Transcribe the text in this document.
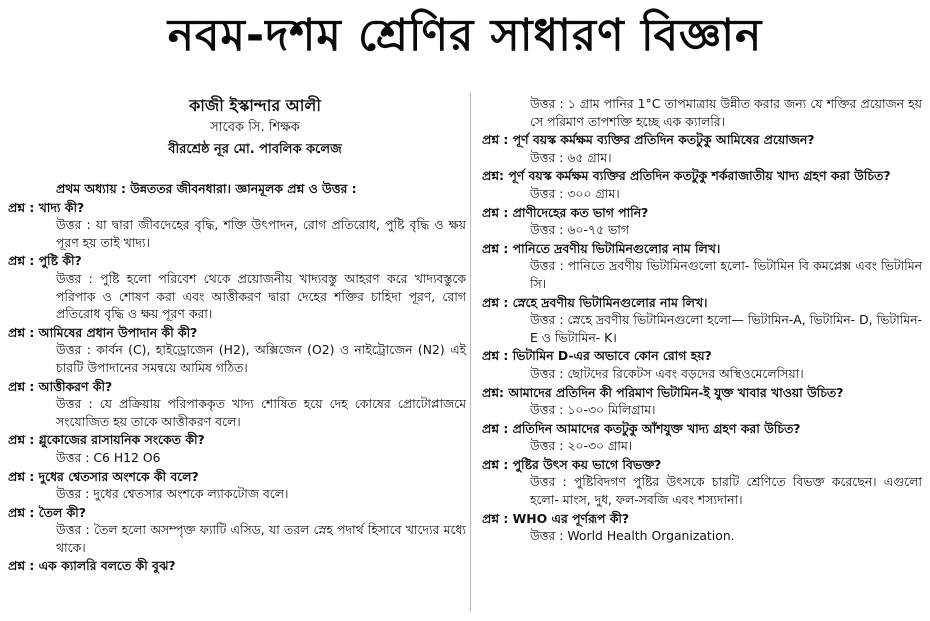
নবম-দশম শ্রেণির সাধারণ বিজ্ঞান
কাজী ইস্কান্দার আলী
সাবেক সি. শিক্ষক
বীরশ্রেষ্ঠ নূর মো. পাবলিক কলেজ
প্রথম অধ্যায় : উন্নততর জীবনধারা। জ্ঞানমূলক প্রশ্ন ও উত্তর :
প্রশ্ন : খাদ্য কী?
উত্তর : যা দ্বারা জীবদেহের বৃদ্ধি, শক্তি উৎপাদন, রোগ প্রতিরোধ, পুষ্টি বৃদ্ধি ও ক্ষয় পূরণ হয় তাই খাদ্য।
প্রশ্ন : পুষ্টি কী?
উত্তর : পুষ্টি হলো পরিবেশ থেকে প্রয়োজনীয় খাদ্যবস্তু আহরণ করে খাদ্যবস্তুকে পরিপাক ও শোষণ করা এবং আত্তীকরণ দ্বারা দেহের শক্তির চাহিদা পূরণ, রোগ প্রতিরোধ বৃদ্ধি ও ক্ষয় পূরণ করা।
প্রশ্ন : আমিষের প্রধান উপাদান কী কী?
উত্তর : কার্বন (C), হাইড্রোজেন (H2), অক্সিজেন (O2) ও নাইট্রোজেন (N2) এই চারটি উপাদানের সমন্বয়ে আমিষ গঠিত।
প্রশ্ন : আত্তীকরণ কী?
উত্তর : যে প্রক্রিয়ায় পরিপাককৃত খাদ্য শোষিত হয়ে দেহ কোষের প্রোটোপ্লাজমে সংযোজিত হয় তাকে আত্তীকরণ বলে।
প্রশ্ন : গ্লুকোজের রাসায়নিক সংকেত কী?
উত্তর : C6 H12 O6
প্রশ্ন : দুধের শ্বেতসার অংশকে কী বলে?
উত্তর : দুধের শ্বেতসার অংশকে ল্যাকটোজ বলে।
প্রশ্ন : তৈল কী?
উত্তর : তৈল হলো অসম্পৃক্ত ফ্যাটি এসিড, যা তরল স্নেহ পদার্থ হিসাবে খাদ্যের মধ্যে থাকে।
প্রশ্ন : এক ক্যালরি বলতে কী বুঝ?
উত্তর : ১ গ্রাম পানির 1°C তাপমাত্রায় উন্নীত করার জন্য যে শক্তির প্রয়োজন হয় সে পরিমাণ তাপশক্তি হচ্ছে এক ক্যালরি।
প্রশ্ন : পূর্ণ বয়স্ক কর্মক্ষম ব্যক্তির প্রতিদিন কতটুকু আমিষের প্রয়োজন?
উত্তর : ৬৫ গ্রাম।
প্রশ্ন: পূর্ণ বয়স্ক কর্মক্ষম ব্যক্তির প্রতিদিন কতটুকু শর্করাজাতীয় খাদ্য গ্রহণ করা উচিত?
উত্তর : ৩০০ গ্রাম।
প্রশ্ন : প্রাণীদেহের কত ভাগ পানি?
উত্তর : ৬০-৭৫ ভাগ
প্রশ্ন : পানিতে দ্রবণীয় ভিটামিনগুলোর নাম লিখ।
উত্তর : পানিতে দ্রবণীয় ভিটামিনগুলো হলো- ভিটামিন বি কমপ্লেক্স এবং ভিটামিন সি।
প্রশ্ন : স্নেহে দ্রবণীয় ভিটামিনগুলোর নাম লিখ।
উত্তর : স্নেহে দ্রবণীয় ভিটামিনগুলো হলো— ভিটামিন-A, ভিটামিন- D, ভিটামিন- E ও ভিটামিন- K।
প্রশ্ন : ভিটামিন D-এর অভাবে কোন রোগ হয়?
উত্তর : ছোটদের রিকেটস এবং বড়দের অস্থিওমেলেসিয়া।
প্রশ্ন: আমাদের প্রতিদিন কী পরিমাণ ভিটামিন-ই যুক্ত খাবার খাওয়া উচিত?
উত্তর : ১০-৩০ মিলিগ্রাম।
প্রশ্ন : প্রতিদিন আমাদের কতটুকু আঁশযুক্ত খাদ্য গ্রহণ করা উচিত?
উত্তর : ২০-৩০ গ্রাম।
প্রশ্ন : পুষ্টির উৎস কয় ভাগে বিভক্ত?
উত্তর : পুষ্টিবিদগণ পুষ্টির উৎসকে চারটি শ্রেণিতে বিভক্ত করেছেন। এগুলো হলো- মাংস, দুধ, ফল-সবজি এবং শস্যদানা।
প্রশ্ন : WHO এর পূর্ণরূপ কী?
উত্তর : World Health Organization.
